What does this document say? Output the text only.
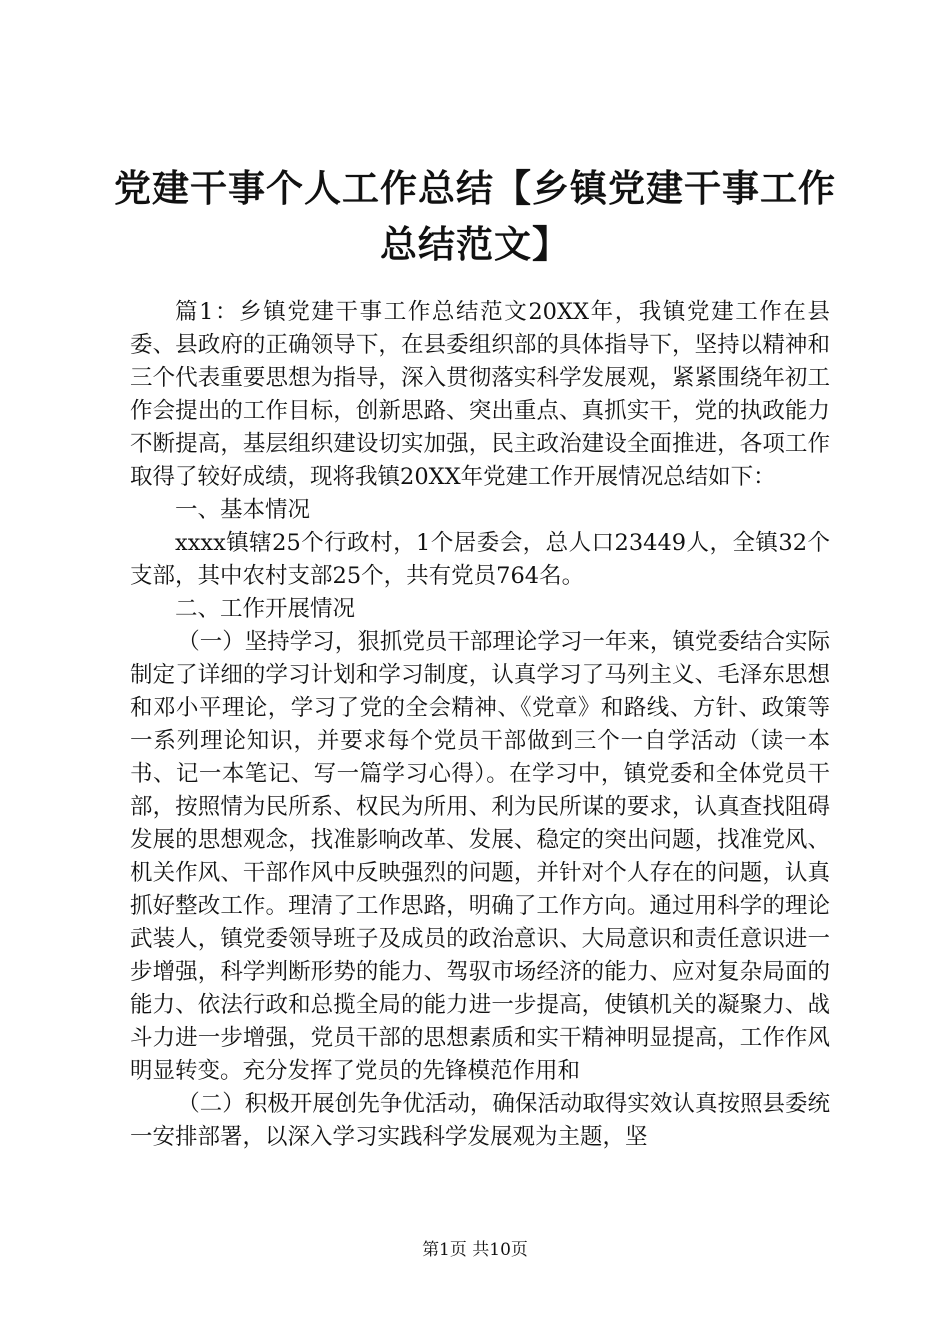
党建干事个人工作总结【乡镇党建干事工作总结范文】

篇1：乡镇党建干事工作总结范文20XX年，我镇党建工作在县委、县政府的正确领导下，在县委组织部的具体指导下，坚持以精神和三个代表重要思想为指导，深入贯彻落实科学发展观，紧紧围绕年初工作会提出的工作目标，创新思路、突出重点、真抓实干，党的执政能力不断提高，基层组织建设切实加强，民主政治建设全面推进，各项工作取得了较好成绩，现将我镇20XX年党建工作开展情况总结如下：

一、基本情况

xxxx镇辖25个行政村，1个居委会，总人口23449人，全镇32个支部，其中农村支部25个，共有党员764名。

二、工作开展情况

（一）坚持学习，狠抓党员干部理论学习一年来，镇党委结合实际制定了详细的学习计划和学习制度，认真学习了马列主义、毛泽东思想和邓小平理论，学习了党的全会精神、《党章》和路线、方针、政策等一系列理论知识，并要求每个党员干部做到三个一自学活动（读一本书、记一本笔记、写一篇学习心得）。在学习中，镇党委和全体党员干部，按照情为民所系、权民为所用、利为民所谋的要求，认真查找阻碍发展的思想观念，找准影响改革、发展、稳定的突出问题，找准党风、机关作风、干部作风中反映强烈的问题，并针对个人存在的问题，认真抓好整改工作。理清了工作思路，明确了工作方向。通过用科学的理论武装人，镇党委领导班子及成员的政治意识、大局意识和责任意识进一步增强，科学判断形势的能力、驾驭市场经济的能力、应对复杂局面的能力、依法行政和总揽全局的能力进一步提高，使镇机关的凝聚力、战斗力进一步增强，党员干部的思想素质和实干精神明显提高，工作作风明显转变。充分发挥了党员的先锋模范作用和

（二）积极开展创先争优活动，确保活动取得实效认真按照县委统一安排部署，以深入学习实践科学发展观为主题，坚

第1页 共10页
